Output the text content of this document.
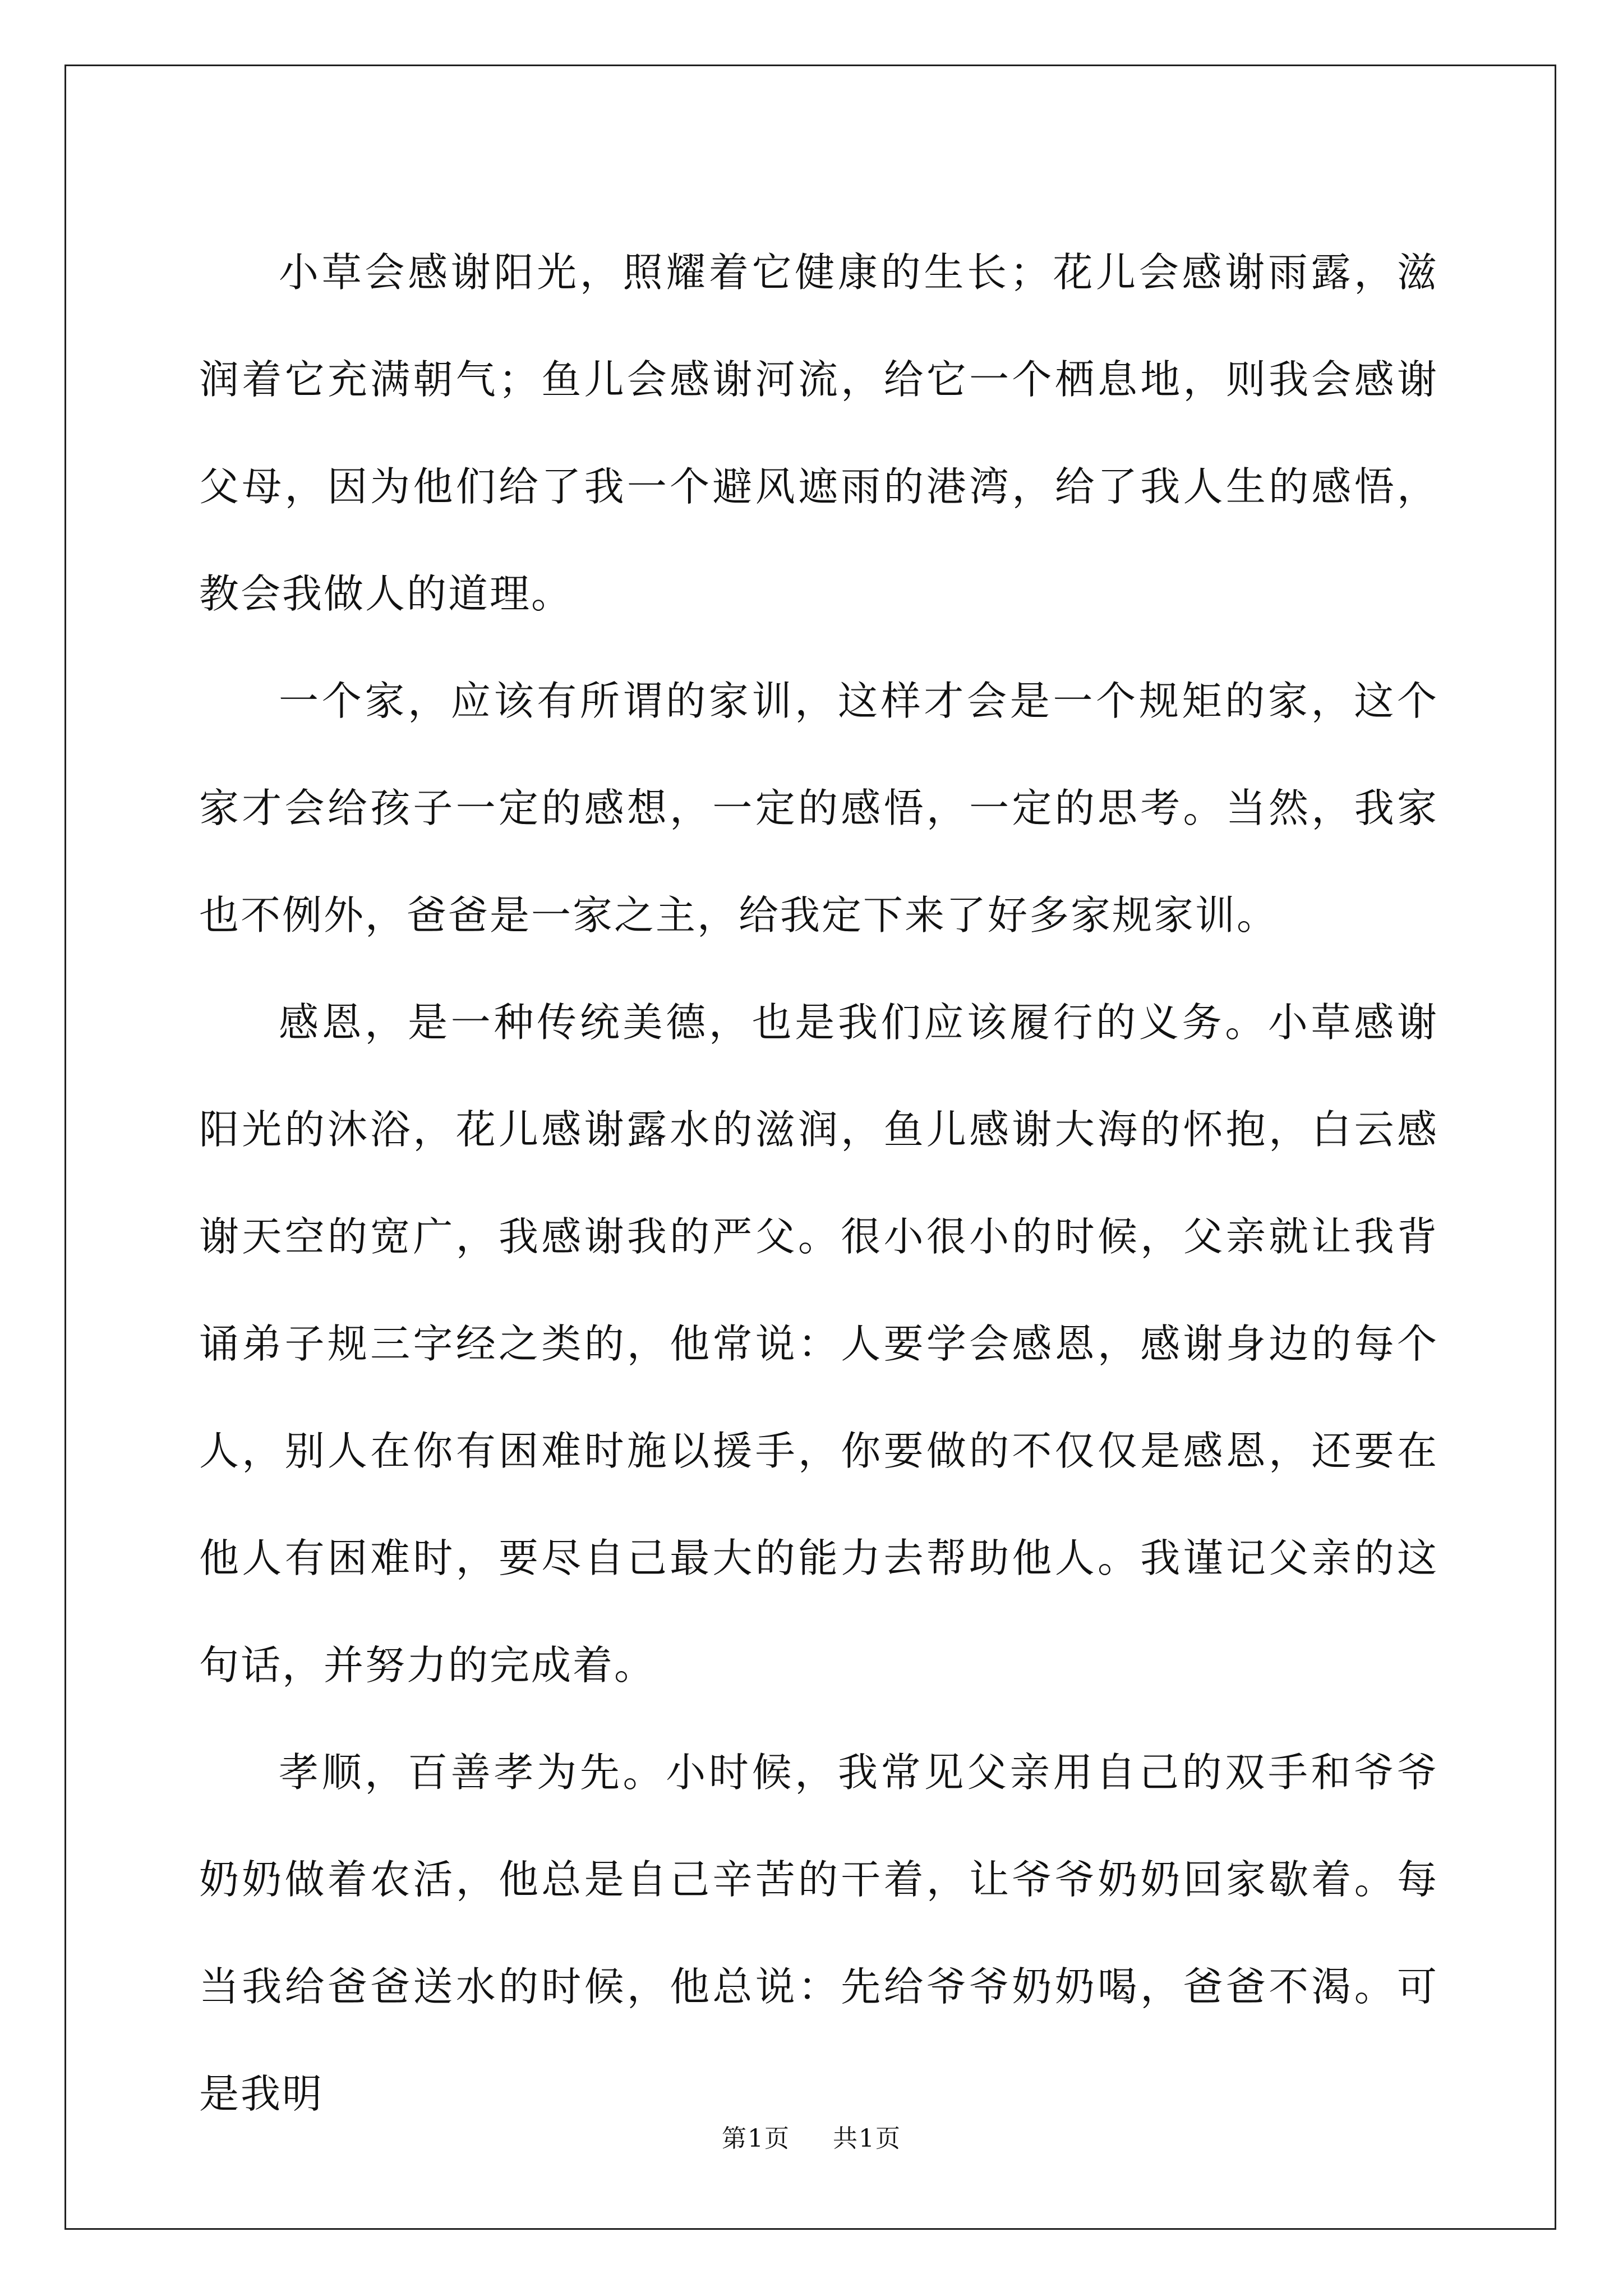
小草会感谢阳光，照耀着它健康的生长；花儿会感谢雨露，滋润着它充满朝气；鱼儿会感谢河流，给它一个栖息地，则我会感谢父母，因为他们给了我一个避风遮雨的港湾，给了我人生的感悟，教会我做人的道理。

一个家，应该有所谓的家训，这样才会是一个规矩的家，这个家才会给孩子一定的感想，一定的感悟，一定的思考。当然，我家也不例外，爸爸是一家之主，给我定下来了好多家规家训。

感恩，是一种传统美德，也是我们应该履行的义务。小草感谢阳光的沐浴，花儿感谢露水的滋润，鱼儿感谢大海的怀抱，白云感谢天空的宽广，我感谢我的严父。很小很小的时候，父亲就让我背诵弟子规三字经之类的，他常说：人要学会感恩，感谢身边的每个人，别人在你有困难时施以援手，你要做的不仅仅是感恩，还要在他人有困难时，要尽自己最大的能力去帮助他人。我谨记父亲的这句话，并努力的完成着。

孝顺，百善孝为先。小时候，我常见父亲用自己的双手和爷爷奶奶做着农活，他总是自己辛苦的干着，让爷爷奶奶回家歇着。每当我给爸爸送水的时候，他总说：先给爷爷奶奶喝，爸爸不渴。可是我明

第1页 共1页
